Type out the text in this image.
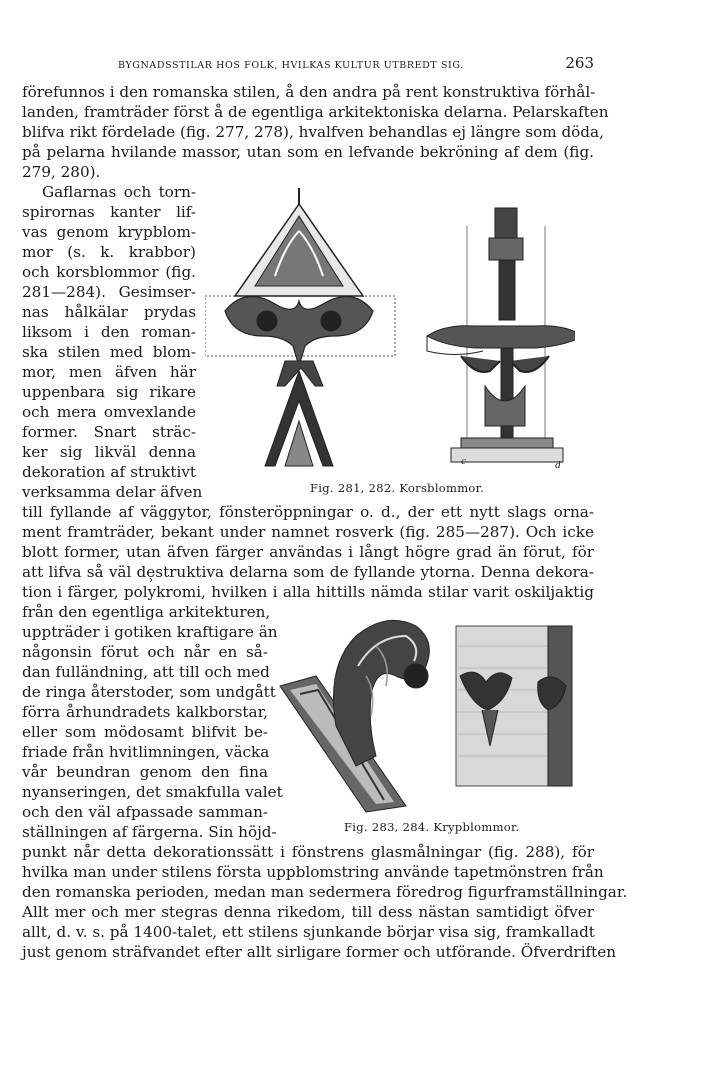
BYGNADSSTILAR HOS FOLK, HVILKAS KULTUR UTBREDT SIG.	263
förefunnos i den romanska stilen, å den andra på rent konstruktiva förhål-
landen, framträder först å de egentliga arkitektoniska delarna. Pelarskaften
blifva rikt fördelade (fig. 277, 278), hvalfven behandlas ej längre som döda,
på pelarna hvilande massor, utan som en lefvande bekröning af dem (fig.
279, 280).
Gaflarnas och torn-
spirornas kanter lif-
vas genom krypblom-
mor (s. k. krabbor)
och korsblommor (fig.
281—284). Gesimser-
nas hålkälar prydas
liksom i den roman-
ska stilen med blom-
mor, men äfven här
uppenbara sig rikare
och mera omvexlande
former. Snart sträc-
ker sig likväl denna
dekoration af struktivt
verksamma delar äfven
c	d
Fig. 281, 282. Korsblommor.
till fyllande af väggytor, fönsteröppningar o. d., der ett nytt slags orna-
ment framträder, bekant under namnet rosverk (fig. 285—287). Och icke
blott former, utan äfven färger användas i långt högre grad än förut, för
att lifva så väl de̹struktiva delarna som de fyllande ytorna. Denna dekora-
tion i färger, polykromi, hvilken i alla hittills nämda stilar varit oskiljaktig
från den egentliga arkitekturen,
uppträder i gotiken kraftigare än
någonsin förut och når en så-
dan fulländning, att till och med
de ringa återstoder, som undgått
förra århundradets kalkborstar,
eller som mödosamt blifvit be-
friade från hvitlimningen, väcka
vår beundran genom den fina
nyanseringen, det smakfulla valet
och den väl afpassade samman-
ställningen af färgerna. Sin höjd-	Fig. 283, 284. Krypblommor.
punkt når detta dekorationssätt i fönstrens glasmålningar (fig. 288), för
hvilka man under stilens första uppblomstring använde tapetmönstren från
den romanska perioden, medan man sedermera föredrog figurframställningar.
Allt mer och mer stegras denna rikedom, till dess nästan samtidigt öfver
allt, d. v. s. på 1400-talet, ett stilens sjunkande börjar visa sig, framkalladt
just genom sträfvandet efter allt sirligare former och utförande. Öfverdriften
